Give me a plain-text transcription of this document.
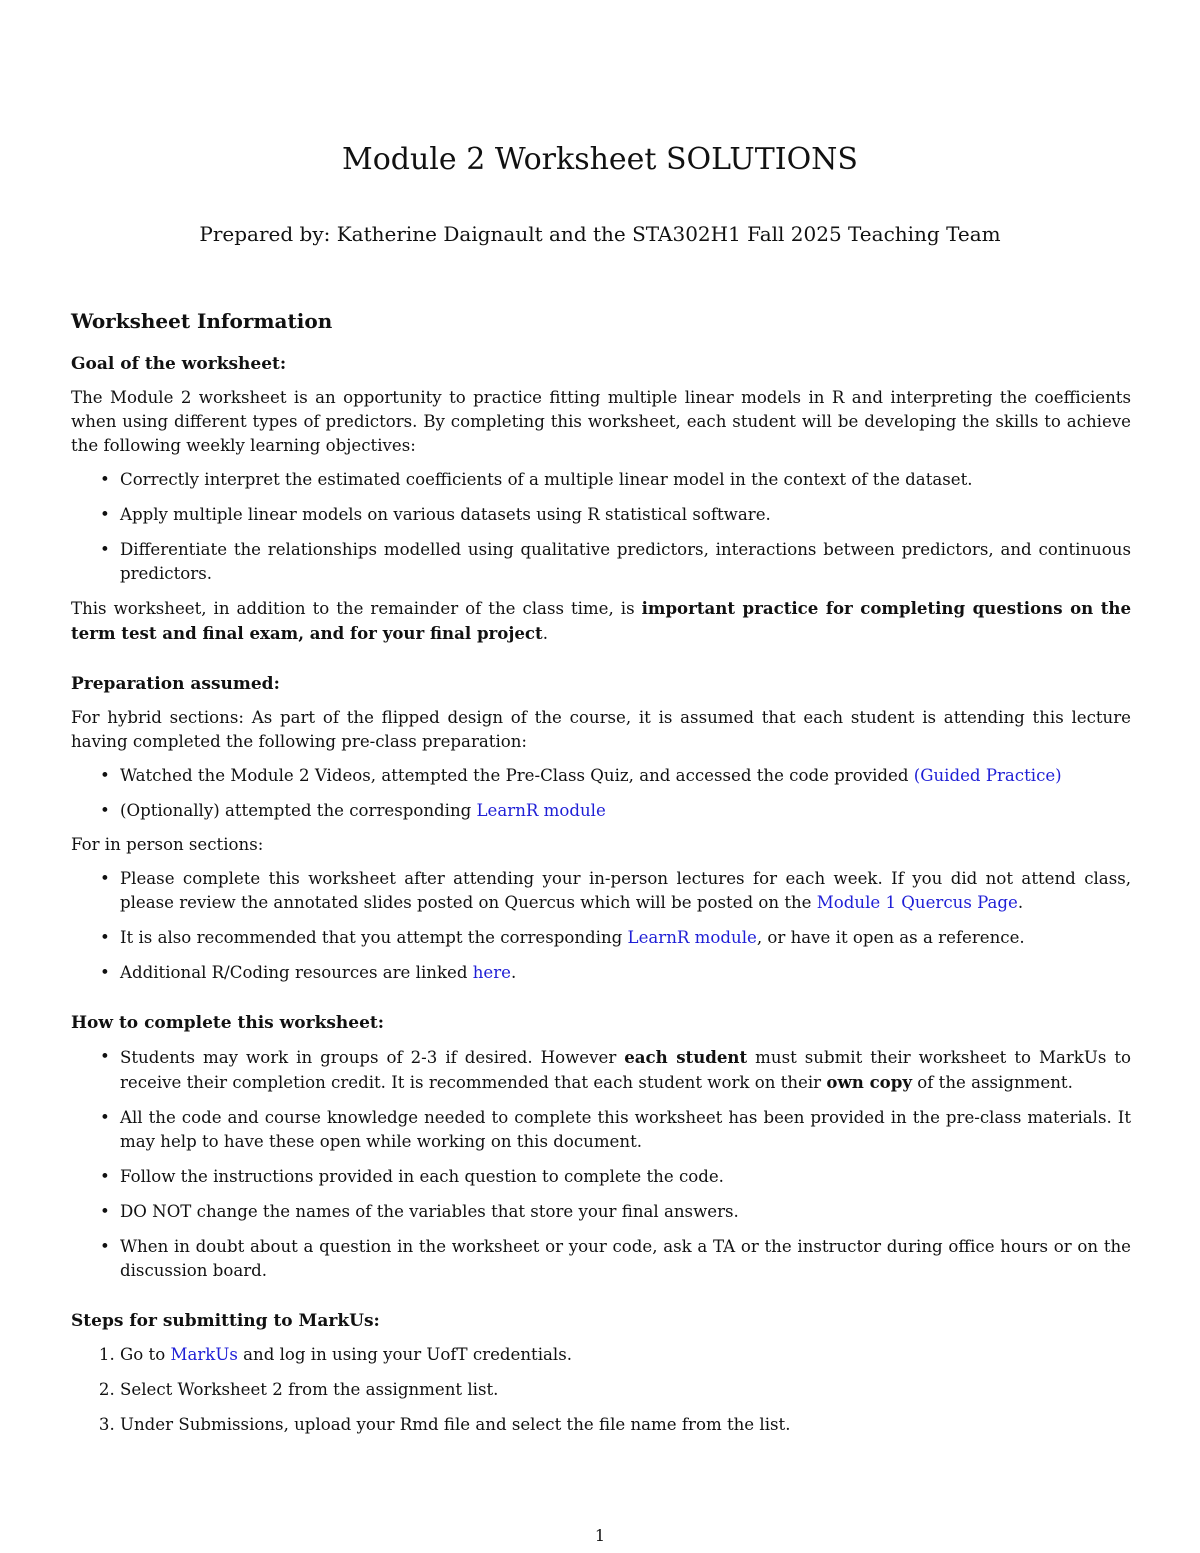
Module 2 Worksheet SOLUTIONS
Prepared by: Katherine Daignault and the STA302H1 Fall 2025 Teaching Team
Worksheet Information
Goal of the worksheet:

The Module 2 worksheet is an opportunity to practice fitting multiple linear models in R and interpreting the coefficients when using different types of predictors. By completing this worksheet, each student will be developing the skills to achieve the following weekly learning objectives:

• Correctly interpret the estimated coefficients of a multiple linear model in the context of the dataset.
• Apply multiple linear models on various datasets using R statistical software.
• Differentiate the relationships modelled using qualitative predictors, interactions between predictors, and continuous predictors.

This worksheet, in addition to the remainder of the class time, is important practice for completing questions on the term test and final exam, and for your final project.

Preparation assumed:

For hybrid sections: As part of the flipped design of the course, it is assumed that each student is attending this lecture having completed the following pre-class preparation:

• Watched the Module 2 Videos, attempted the Pre-Class Quiz, and accessed the code provided (Guided Practice)
• (Optionally) attempted the corresponding LearnR module

For in person sections:

• Please complete this worksheet after attending your in-person lectures for each week. If you did not attend class, please review the annotated slides posted on Quercus which will be posted on the Module 1 Quercus Page.
• It is also recommended that you attempt the corresponding LearnR module, or have it open as a reference.
• Additional R/Coding resources are linked here.
How to complete this worksheet:
• Students may work in groups of 2-3 if desired. However each student must submit their worksheet to MarkUs to receive their completion credit. It is recommended that each student work on their own copy of the assignment.
• All the code and course knowledge needed to complete this worksheet has been provided in the pre-class materials. It may help to have these open while working on this document.
• Follow the instructions provided in each question to complete the code.
• DO NOT change the names of the variables that store your final answers.
• When in doubt about a question in the worksheet or your code, ask a TA or the instructor during office hours or on the discussion board.
Steps for submitting to MarkUs:
1. Go to MarkUs and log in using your UofT credentials.
2. Select Worksheet 2 from the assignment list.
3. Under Submissions, upload your Rmd file and select the file name from the list.
1
